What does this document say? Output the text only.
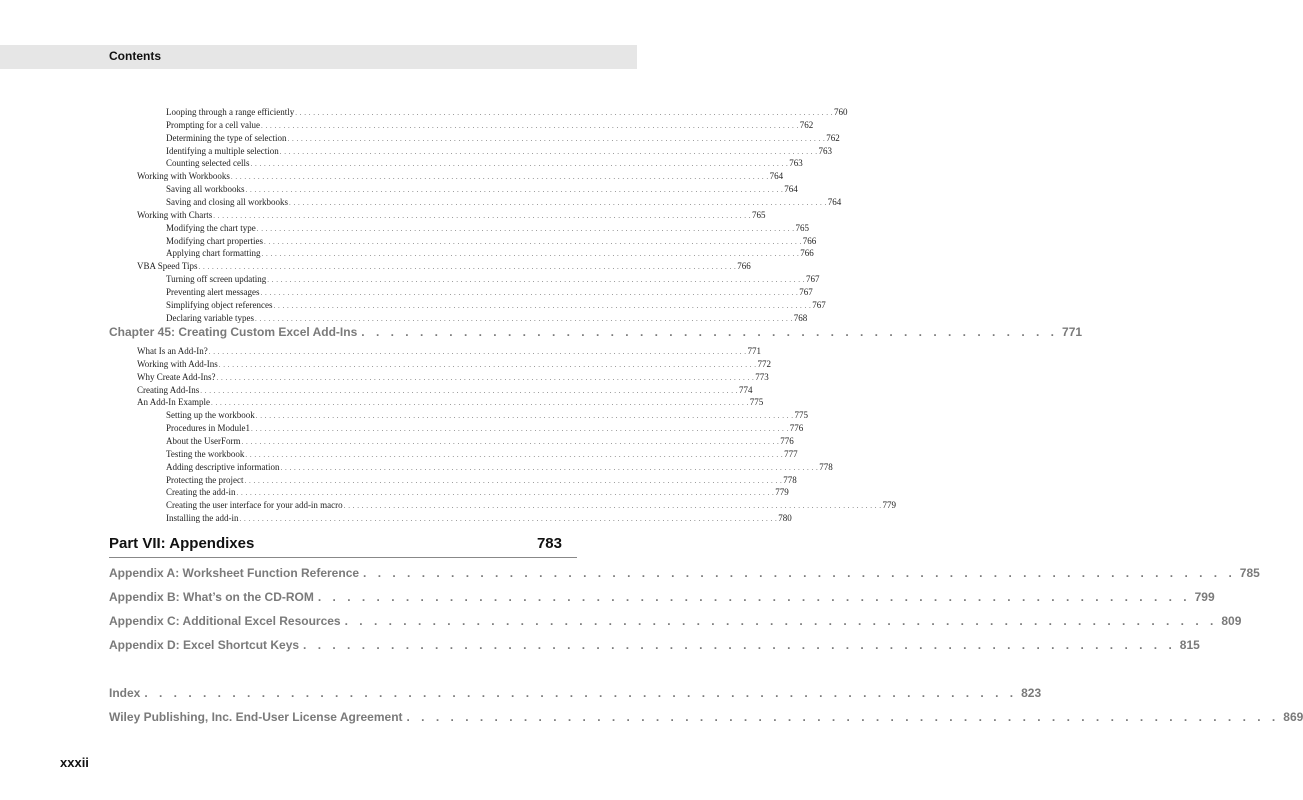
Contents
Looping through a range efficiently . . . . . . . . . . . . . . . . . . . . . . . . . . . . . . . . . . . . . . . . . . . . . . . . . . . . . . . . . . . . . . . . . . . . . . . . . . . . . . . . . . . . . . . . . . . . . . . . . . . . . . . . . . . . . . . . . . . . . . . . 760
Prompting for a cell value . . . . . . . . . . . . . . . . . . . . . . . . . . . . . . . . . . . . . . . . . . . . . . . . . . . . . . . . . . . . . . . . . . . . . . . . . . . . . . . . . . . . . . . . . . . . . . . . . . . . . . . . . . . . . . . . . . . . . . . . 762
Determining the type of selection . . . . . . . . . . . . . . . . . . . . . . . . . . . . . . . . . . . . . . . . . . . . . . . . . . . . . . . . . . . . . . . . . . . . . . . . . . . . . . . . . . . . . . . . . . . . . . . . . . . . . . . . . . . . . . . . . . . . . . . . 762
Identifying a multiple selection . . . . . . . . . . . . . . . . . . . . . . . . . . . . . . . . . . . . . . . . . . . . . . . . . . . . . . . . . . . . . . . . . . . . . . . . . . . . . . . . . . . . . . . . . . . . . . . . . . . . . . . . . . . . . . . . . . . . . . . . 763
Counting selected cells . . . . . . . . . . . . . . . . . . . . . . . . . . . . . . . . . . . . . . . . . . . . . . . . . . . . . . . . . . . . . . . . . . . . . . . . . . . . . . . . . . . . . . . . . . . . . . . . . . . . . . . . . . . . . . . . . . . . . . . . 763
Working with Workbooks . . . . . . . . . . . . . . . . . . . . . . . . . . . . . . . . . . . . . . . . . . . . . . . . . . . . . . . . . . . . . . . . . . . . . . . . . . . . . . . . . . . . . . . . . . . . . . . . . . . . . . . . . . . . . . . . . . . . . . . . 764
Saving all workbooks . . . . . . . . . . . . . . . . . . . . . . . . . . . . . . . . . . . . . . . . . . . . . . . . . . . . . . . . . . . . . . . . . . . . . . . . . . . . . . . . . . . . . . . . . . . . . . . . . . . . . . . . . . . . . . . . . . . . . . . . 764
Saving and closing all workbooks . . . . . . . . . . . . . . . . . . . . . . . . . . . . . . . . . . . . . . . . . . . . . . . . . . . . . . . . . . . . . . . . . . . . . . . . . . . . . . . . . . . . . . . . . . . . . . . . . . . . . . . . . . . . . . . . . . . . . . . . 764
Working with Charts . . . . . . . . . . . . . . . . . . . . . . . . . . . . . . . . . . . . . . . . . . . . . . . . . . . . . . . . . . . . . . . . . . . . . . . . . . . . . . . . . . . . . . . . . . . . . . . . . . . . . . . . . . . . . . . . . . . . . . . . 765
Modifying the chart type . . . . . . . . . . . . . . . . . . . . . . . . . . . . . . . . . . . . . . . . . . . . . . . . . . . . . . . . . . . . . . . . . . . . . . . . . . . . . . . . . . . . . . . . . . . . . . . . . . . . . . . . . . . . . . . . . . . . . . . . 765
Modifying chart properties . . . . . . . . . . . . . . . . . . . . . . . . . . . . . . . . . . . . . . . . . . . . . . . . . . . . . . . . . . . . . . . . . . . . . . . . . . . . . . . . . . . . . . . . . . . . . . . . . . . . . . . . . . . . . . . . . . . . . . . . 766
Applying chart formatting . . . . . . . . . . . . . . . . . . . . . . . . . . . . . . . . . . . . . . . . . . . . . . . . . . . . . . . . . . . . . . . . . . . . . . . . . . . . . . . . . . . . . . . . . . . . . . . . . . . . . . . . . . . . . . . . . . . . . . . . 766
VBA Speed Tips . . . . . . . . . . . . . . . . . . . . . . . . . . . . . . . . . . . . . . . . . . . . . . . . . . . . . . . . . . . . . . . . . . . . . . . . . . . . . . . . . . . . . . . . . . . . . . . . . . . . . . . . . . . . . . . . . . . . . . . . 766
Turning off screen updating . . . . . . . . . . . . . . . . . . . . . . . . . . . . . . . . . . . . . . . . . . . . . . . . . . . . . . . . . . . . . . . . . . . . . . . . . . . . . . . . . . . . . . . . . . . . . . . . . . . . . . . . . . . . . . . . . . . . . . . . 767
Preventing alert messages . . . . . . . . . . . . . . . . . . . . . . . . . . . . . . . . . . . . . . . . . . . . . . . . . . . . . . . . . . . . . . . . . . . . . . . . . . . . . . . . . . . . . . . . . . . . . . . . . . . . . . . . . . . . . . . . . . . . . . . . 767
Simplifying object references . . . . . . . . . . . . . . . . . . . . . . . . . . . . . . . . . . . . . . . . . . . . . . . . . . . . . . . . . . . . . . . . . . . . . . . . . . . . . . . . . . . . . . . . . . . . . . . . . . . . . . . . . . . . . . . . . . . . . . . . 767
Declaring variable types . . . . . . . . . . . . . . . . . . . . . . . . . . . . . . . . . . . . . . . . . . . . . . . . . . . . . . . . . . . . . . . . . . . . . . . . . . . . . . . . . . . . . . . . . . . . . . . . . . . . . . . . . . . . . . . . . . . . . . . . 768
Chapter 45: Creating Custom Excel Add-Ins . . . . . . . . . . . . . . . . . . . . . . . . . . . . . . . . . . . . . . . . . . . . . . . . 771
What Is an Add-In? . . . . . . . . . . . . . . . . . . . . . . . . . . . . . . . . . . . . . . . . . . . . . . . . . . . . . . . . . . . . . . . . . . . . . . . . . . . . . . . . . . . . . . . . . . . . . . . . . . . . . . . . . . . . . . . . . . . . . . . . 771
Working with Add-Ins . . . . . . . . . . . . . . . . . . . . . . . . . . . . . . . . . . . . . . . . . . . . . . . . . . . . . . . . . . . . . . . . . . . . . . . . . . . . . . . . . . . . . . . . . . . . . . . . . . . . . . . . . . . . . . . . . . . . . . . . 772
Why Create Add-Ins? . . . . . . . . . . . . . . . . . . . . . . . . . . . . . . . . . . . . . . . . . . . . . . . . . . . . . . . . . . . . . . . . . . . . . . . . . . . . . . . . . . . . . . . . . . . . . . . . . . . . . . . . . . . . . . . . . . . . . . . . 773
Creating Add-Ins . . . . . . . . . . . . . . . . . . . . . . . . . . . . . . . . . . . . . . . . . . . . . . . . . . . . . . . . . . . . . . . . . . . . . . . . . . . . . . . . . . . . . . . . . . . . . . . . . . . . . . . . . . . . . . . . . . . . . . . . 774
An Add-In Example . . . . . . . . . . . . . . . . . . . . . . . . . . . . . . . . . . . . . . . . . . . . . . . . . . . . . . . . . . . . . . . . . . . . . . . . . . . . . . . . . . . . . . . . . . . . . . . . . . . . . . . . . . . . . . . . . . . . . . . . 775
Setting up the workbook . . . . . . . . . . . . . . . . . . . . . . . . . . . . . . . . . . . . . . . . . . . . . . . . . . . . . . . . . . . . . . . . . . . . . . . . . . . . . . . . . . . . . . . . . . . . . . . . . . . . . . . . . . . . . . . . . . . . . . . . 775
Procedures in Module1 . . . . . . . . . . . . . . . . . . . . . . . . . . . . . . . . . . . . . . . . . . . . . . . . . . . . . . . . . . . . . . . . . . . . . . . . . . . . . . . . . . . . . . . . . . . . . . . . . . . . . . . . . . . . . . . . . . . . . . . . 776
About the UserForm . . . . . . . . . . . . . . . . . . . . . . . . . . . . . . . . . . . . . . . . . . . . . . . . . . . . . . . . . . . . . . . . . . . . . . . . . . . . . . . . . . . . . . . . . . . . . . . . . . . . . . . . . . . . . . . . . . . . . . . . 776
Testing the workbook . . . . . . . . . . . . . . . . . . . . . . . . . . . . . . . . . . . . . . . . . . . . . . . . . . . . . . . . . . . . . . . . . . . . . . . . . . . . . . . . . . . . . . . . . . . . . . . . . . . . . . . . . . . . . . . . . . . . . . . . 777
Adding descriptive information . . . . . . . . . . . . . . . . . . . . . . . . . . . . . . . . . . . . . . . . . . . . . . . . . . . . . . . . . . . . . . . . . . . . . . . . . . . . . . . . . . . . . . . . . . . . . . . . . . . . . . . . . . . . . . . . . . . . . . . . 778
Protecting the project . . . . . . . . . . . . . . . . . . . . . . . . . . . . . . . . . . . . . . . . . . . . . . . . . . . . . . . . . . . . . . . . . . . . . . . . . . . . . . . . . . . . . . . . . . . . . . . . . . . . . . . . . . . . . . . . . . . . . . . . 778
Creating the add-in . . . . . . . . . . . . . . . . . . . . . . . . . . . . . . . . . . . . . . . . . . . . . . . . . . . . . . . . . . . . . . . . . . . . . . . . . . . . . . . . . . . . . . . . . . . . . . . . . . . . . . . . . . . . . . . . . . . . . . . . 779
Creating the user interface for your add-in macro . . . . . . . . . . . . . . . . . . . . . . . . . . . . . . . . . . . . . . . . . . . . . . . . . . . . . . . . . . . . . . . . . . . . . . . . . . . . . . . . . . . . . . . . . . . . . . . . . . . . . . . . . . . . . . . . . . . . . . . . 779
Installing the add-in . . . . . . . . . . . . . . . . . . . . . . . . . . . . . . . . . . . . . . . . . . . . . . . . . . . . . . . . . . . . . . . . . . . . . . . . . . . . . . . . . . . . . . . . . . . . . . . . . . . . . . . . . . . . . . . . . . . . . . . . 780
Part VII: Appendixes	783
Appendix A: Worksheet Function Reference . . . . . . . . . . . . . . . . . . . . . . . . . . . . . . . . . . . . . . . . . . . . . . . . . . . . . . . . . . . . 785
Appendix B: What’s on the CD-ROM . . . . . . . . . . . . . . . . . . . . . . . . . . . . . . . . . . . . . . . . . . . . . . . . . . . . . . . . . . . . 799
Appendix C: Additional Excel Resources . . . . . . . . . . . . . . . . . . . . . . . . . . . . . . . . . . . . . . . . . . . . . . . . . . . . . . . . . . . . 809
Appendix D: Excel Shortcut Keys . . . . . . . . . . . . . . . . . . . . . . . . . . . . . . . . . . . . . . . . . . . . . . . . . . . . . . . . . . . . 815
Index . . . . . . . . . . . . . . . . . . . . . . . . . . . . . . . . . . . . . . . . . . . . . . . . . . . . . . . . . . . . 823
Wiley Publishing, Inc. End-User License Agreement . . . . . . . . . . . . . . . . . . . . . . . . . . . . . . . . . . . . . . . . . . . . . . . . . . . . . . . . . . . . 869
xxxii
